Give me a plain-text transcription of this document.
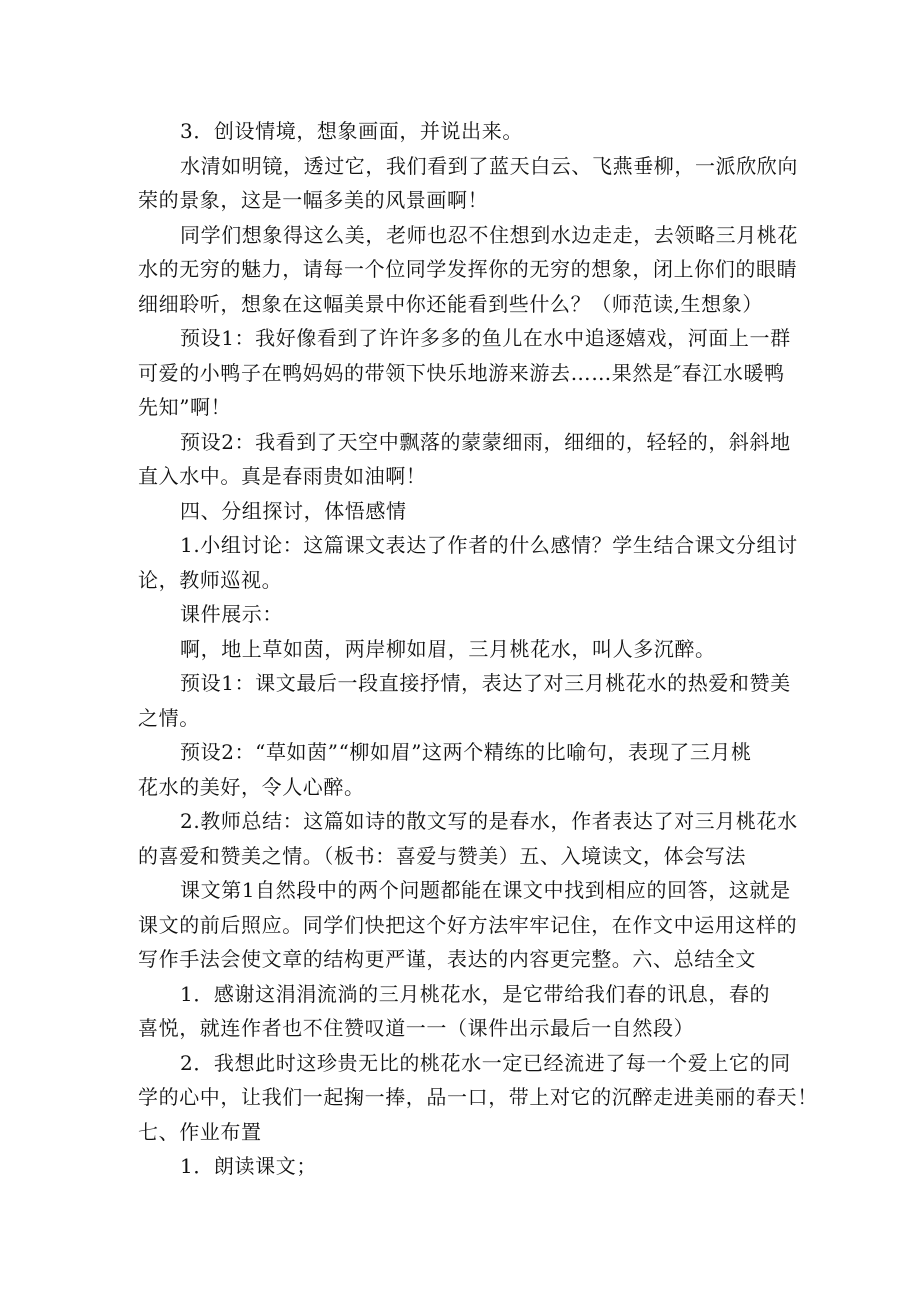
3．创设情境，想象画面，并说出来。
水清如明镜，透过它，我们看到了蓝天白云、飞燕垂柳，一派欣欣向
荣的景象，这是一幅多美的风景画啊！
同学们想象得这么美，老师也忍不住想到水边走走，去领略三月桃花
水的无穷的魅力，请每一个位同学发挥你的无穷的想象，闭上你们的眼睛
细细聆听，想象在这幅美景中你还能看到些什么？（师范读,生想象）
预设1：我好像看到了许许多多的鱼儿在水中追逐嬉戏，河面上一群
可爱的小鸭子在鸭妈妈的带领下快乐地游来游去……果然是″春江水暖鸭
先知”啊！
预设2：我看到了天空中飘落的蒙蒙细雨，细细的，轻轻的，斜斜地
直入水中。真是春雨贵如油啊！
四、分组探讨，体悟感情
1.小组讨论：这篇课文表达了作者的什么感情？学生结合课文分组讨
论，教师巡视。
课件展示：
啊，地上草如茵，两岸柳如眉，三月桃花水，叫人多沉醉。
预设1：课文最后一段直接抒情，表达了对三月桃花水的热爱和赞美
之情。
预设2：“草如茵”“柳如眉”这两个精练的比喻句，表现了三月桃
花水的美好，令人心醉。
2.教师总结：这篇如诗的散文写的是春水，作者表达了对三月桃花水
的喜爱和赞美之情。（板书：喜爱与赞美）五、入境读文，体会写法
课文第1自然段中的两个问题都能在课文中找到相应的回答，这就是
课文的前后照应。同学们快把这个好方法牢牢记住，在作文中运用这样的
写作手法会使文章的结构更严谨，表达的内容更完整。六、总结全文
1．感谢这涓涓流淌的三月桃花水，是它带给我们春的讯息，春的
喜悦，就连作者也不住赞叹道一一（课件出示最后一自然段）
2．我想此时这珍贵无比的桃花水一定已经流进了每一个爱上它的同
学的心中，让我们一起掬一捧，品一口，带上对它的沉醉走进美丽的春天！
七、作业布置
1．朗读课文；
